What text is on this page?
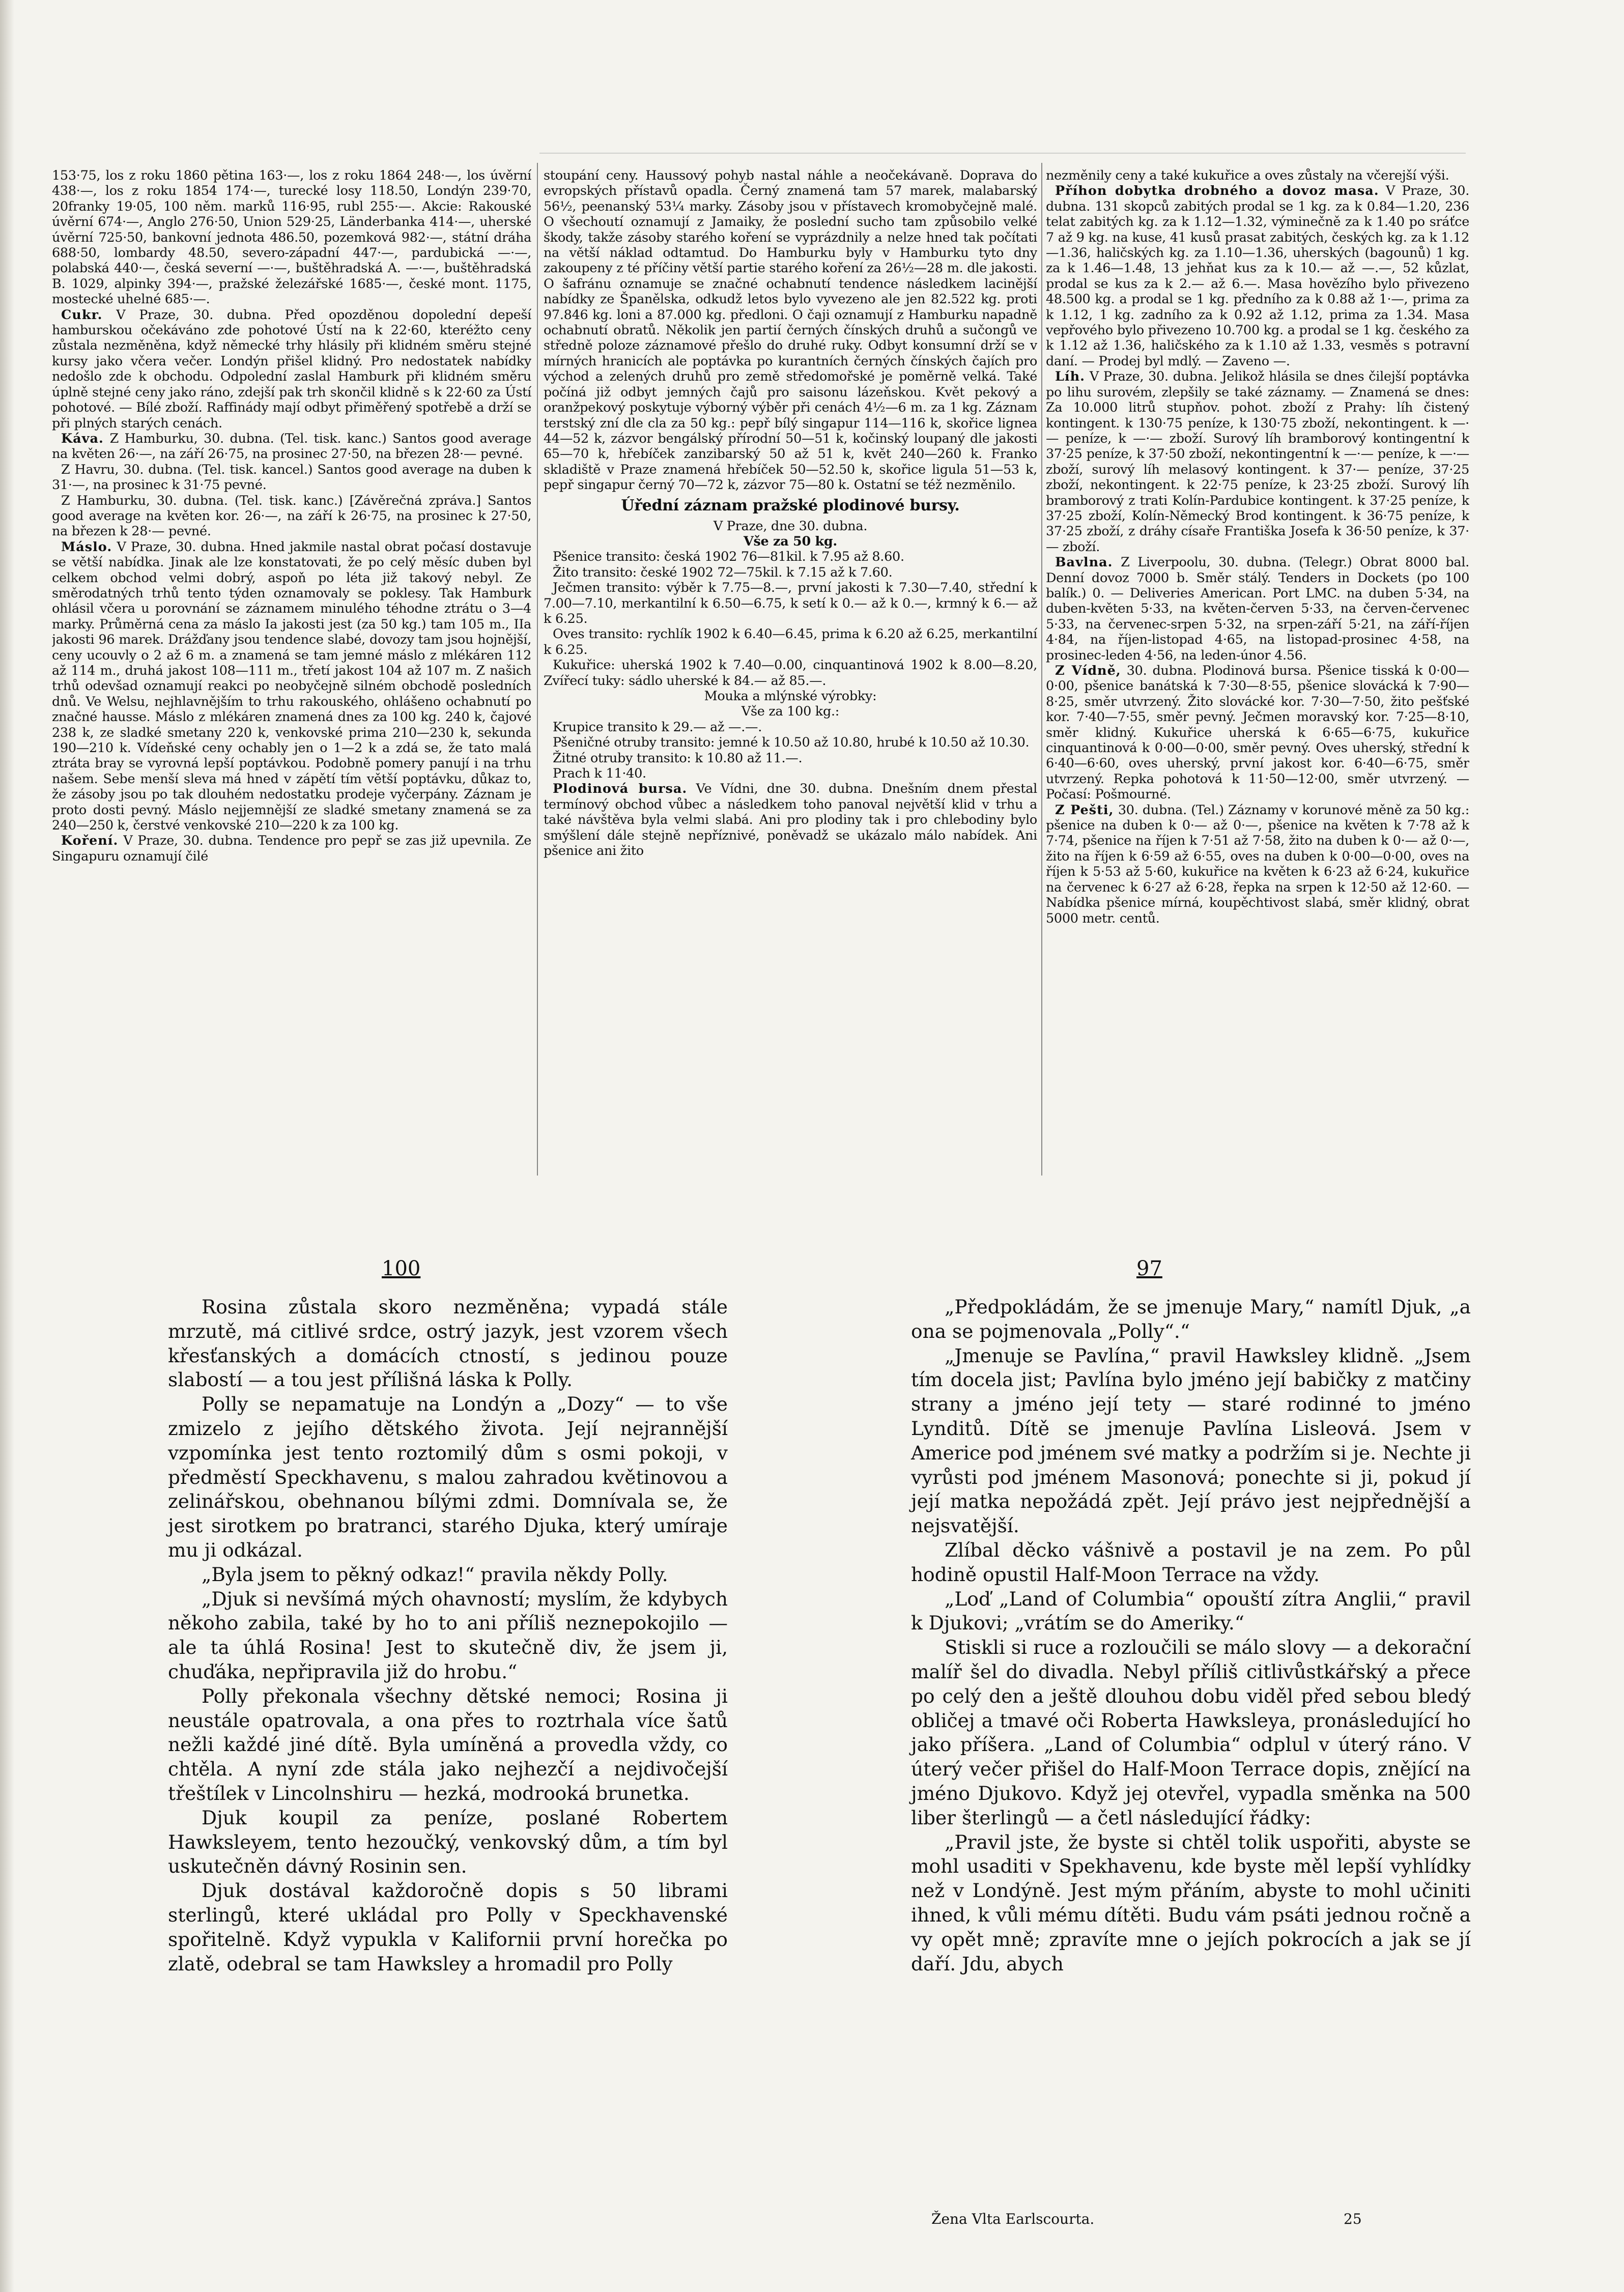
153·75, los z roku 1860 pětina 163·—, los z roku 1864 248·—, los úvěrní 438·—, los z roku 1854 174·—, turecké losy 118.50, Londýn 239·70, 20franky 19·05, 100 něm. marků 116·95, rubl 255·—. Akcie: Rakouské úvěrní 674·—, Anglo 276·50, Union 529·25, Länderbanka 414·—, uherské úvěrní 725·50, bankovní jednota 486.50, pozemková 982·—, státní dráha 688·50, lombardy 48.50, severo-západní 447·—, pardubická —·—, polabská 440·—, česká severní —·—, buštěhradská A. —·—, buštěhradská B. 1029, alpinky 394·—, pražské železářské 1685·—, české mont. 1175, mostecké uhelné 685·—.

Cukr. V Praze, 30. dubna. Před opozděnou dopolední depeší hamburskou očekáváno zde pohotové Ústí na k 22·60, kteréžto ceny zůstala nezměněna, když německé trhy hlásily při klidném směru stejné kursy jako včera večer. Londýn přišel klidný. Pro nedostatek nabídky nedošlo zde k obchodu. Odpolední zaslal Hamburk při klidném směru úplně stejné ceny jako ráno, zdejší pak trh skončil klidně s k 22·60 za Ústí pohotové. — Bílé zboží. Raffinády mají odbyt přiměřený spotřebě a drží se při plných starých cenách.

Káva. Z Hamburku, 30. dubna. (Tel. tisk. kanc.) Santos good average na květen 26·—, na září 26·75, na prosinec 27·50, na březen 28·— pevné.

Z Havru, 30. dubna. (Tel. tisk. kancel.) Santos good average na duben k 31·—, na prosinec k 31·75 pevné.

Z Hamburku, 30. dubna. (Tel. tisk. kanc.) [Závěrečná zpráva.] Santos good average na květen kor. 26·—, na září k 26·75, na prosinec k 27·50, na březen k 28·— pevné.

Máslo. V Praze, 30. dubna. Hned jakmile nastal obrat počasí dostavuje se větší nabídka. Jinak ale lze konstatovati, že po celý měsíc duben byl celkem obchod velmi dobrý, aspoň po léta již takový nebyl. Ze směrodatných trhů tento týden oznamovaly se poklesy. Tak Hamburk ohlásil včera u porovnání se záznamem minulého téhodne ztrátu o 3—4 marky. Průměrná cena za máslo Ia jakosti jest (za 50 kg.) tam 105 m., IIa jakosti 96 marek. Drážďany jsou tendence slabé, dovozy tam jsou hojnější, ceny ucouvly o 2 až 6 m. a znamená se tam jemné máslo z mlékáren 112 až 114 m., druhá jakost 108—111 m., třetí jakost 104 až 107 m. Z našich trhů odevšad oznamují reakci po neobyčejně silném obchodě posledních dnů. Ve Welsu, nejhlavnějším to trhu rakouského, ohlášeno ochabnutí po značné hausse. Máslo z mlékáren znamená dnes za 100 kg. 240 k, čajové 238 k, ze sladké smetany 220 k, venkovské prima 210—230 k, sekunda 190—210 k. Vídeňské ceny ochably jen o 1—2 k a zdá se, že tato malá ztráta bray se vyrovná lepší poptávkou. Podobně pomery panují i na trhu našem. Sebe menší sleva má hned v zápětí tím větší poptávku, důkaz to, že zásoby jsou po tak dlouhém nedostatku prodeje vyčerpány. Záznam je proto dosti pevný. Máslo nejjemnější ze sladké smetany znamená se za 240—250 k, čerstvé venkovské 210—220 k za 100 kg.

Koření. V Praze, 30. dubna. Tendence pro pepř se zas již upevnila. Ze Singapuru oznamují čilé

stoupání ceny. Haussový pohyb nastal náhle a neočekávaně. Doprava do evropských přístavů opadla. Černý znamená tam 57 marek, malabarský 56½, peenanský 53¼ marky. Zásoby jsou v přístavech kromobyčejně malé. O všechoutí oznamují z Jamaiky, že poslední sucho tam způsobilo velké škody, takže zásoby starého koření se vyprázdnily a nelze hned tak počítati na větší náklad odtamtud. Do Hamburku byly v Hamburku tyto dny zakoupeny z té příčiny větší partie starého koření za 26½—28 m. dle jakosti. O šafránu oznamuje se značné ochabnutí tendence následkem lacinější nabídky ze Španělska, odkudž letos bylo vyvezeno ale jen 82.522 kg. proti 97.846 kg. loni a 87.000 kg. předloni. O čaji oznamují z Hamburku napadně ochabnutí obratů. Několik jen partií černých čínských druhů a sučongů ve středně poloze záznamové přešlo do druhé ruky. Odbyt konsumní drží se v mírných hranicích ale poptávka po kurantních černých čínských čajích pro východ a zelených druhů pro země středomořské je poměrně velká. Také počíná již odbyt jemných čajů pro saisonu lázeňskou. Květ pekový a oranžpekový poskytuje výborný výběr při cenách 4½—6 m. za 1 kg. Záznam terstský zní dle cla za 50 kg.: pepř bílý singapur 114—116 k, skořice lignea 44—52 k, zázvor bengálský přírodní 50—51 k, kočinský loupaný dle jakosti 65—70 k, hřebíček zanzibarský 50 až 51 k, květ 240—260 k. Franko skladiště v Praze znamená hřebíček 50—52.50 k, skořice ligula 51—53 k, pepř singapur černý 70—72 k, zázvor 75—80 k. Ostatní se též nezměnilo.

Úřední záznam pražské plodinové bursy.

V Praze, dne 30. dubna.

Vše za 50 kg.

Pšenice transito: česká 1902 76—81kil. k 7.95 až 8.60.

Žito transito: české 1902 72—75kil. k 7.15 až k 7.60.

Ječmen transito: výběr k 7.75—8.—, první jakosti k 7.30—7.40, střední k 7.00—7.10, merkantilní k 6.50—6.75, k setí k 0.— až k 0.—, krmný k 6.— až k 6.25.

Oves transito: rychlík 1902 k 6.40—6.45, prima k 6.20 až 6.25, merkantilní k 6.25.

Kukuřice: uherská 1902 k 7.40—0.00, cinquantinová 1902 k 8.00—8.20, Zvířecí tuky: sádlo uherské k 84.— až 85.—.

Mouka a mlýnské výrobky:

Vše za 100 kg.:

Krupice transito k 29.— až —.—.

Pšeničné otruby transito: jemné k 10.50 až 10.80, hrubé k 10.50 až 10.30.

Žitné otruby transito: k 10.80 až 11.—.

Prach k 11·40.

Plodinová bursa. Ve Vídni, dne 30. dubna. Dnešním dnem přestal termínový obchod vůbec a následkem toho panoval největší klid v trhu a také návštěva byla velmi slabá. Ani pro plodiny tak i pro chlebodiny bylo smýšlení dále stejně nepříznivé, poněvadž se ukázalo málo nabídek. Ani pšenice ani žito

nezměnily ceny a také kukuřice a oves zůstaly na včerejší výši.

Příhon dobytka drobného a dovoz masa. V Praze, 30. dubna. 131 skopců zabitých prodal se 1 kg. za k 0.84—1.20, 236 telat zabitých kg. za k 1.12—1.32, výminečně za k 1.40 po sráťce 7 až 9 kg. na kuse, 41 kusů prasat zabitých, českých kg. za k 1.12—1.36, haličských kg. za 1.10—1.36, uherských (bagounů) 1 kg. za k 1.46—1.48, 13 jehňat kus za k 10.— až —.—, 52 kůzlat, prodal se kus za k 2.— až 6.—. Masa hovězího bylo přivezeno 48.500 kg. a prodal se 1 kg. předního za k 0.88 až 1·—, prima za k 1.12, 1 kg. zadního za k 0.92 až 1.12, prima za 1.34. Masa vepřového bylo přivezeno 10.700 kg. a prodal se 1 kg. českého za k 1.12 až 1.36, haličského za k 1.10 až 1.33, vesměs s potravní daní. — Prodej byl mdlý. — Zaveno —.

Líh. V Praze, 30. dubna. Jelikož hlásila se dnes čilejší poptávka po lihu surovém, zlepšily se také záznamy. — Znamená se dnes: Za 10.000 litrů stupňov. pohot. zboží z Prahy: líh čistený kontingent. k 130·75 peníze, k 130·75 zboží, nekontingent. k —·— peníze, k —·— zboží. Surový líh bramborový kontingentní k 37·25 peníze, k 37·50 zboží, nekontingentní k —·— peníze, k —·— zboží, surový líh melasový kontingent. k 37·— peníze, 37·25 zboží, nekontingent. k 22·75 peníze, k 23·25 zboží. Surový líh bramborový z trati Kolín-Pardubice kontingent. k 37·25 peníze, k 37·25 zboží, Kolín-Německý Brod kontingent. k 36·75 peníze, k 37·25 zboží, z dráhy císaře Františka Josefa k 36·50 peníze, k 37·— zboží.

Bavlna. Z Liverpoolu, 30. dubna. (Telegr.) Obrat 8000 bal. Denní dovoz 7000 b. Směr stálý. Tenders in Dockets (po 100 balík.) 0. — Deliveries American. Port LMC. na duben 5·34, na duben-květen 5·33, na květen-červen 5·33, na červen-červenec 5·33, na červenec-srpen 5·32, na srpen-září 5·21, na září-říjen 4·84, na říjen-listopad 4·65, na listopad-prosinec 4·58, na prosinec-leden 4·56, na leden-únor 4.56.

Z Vídně, 30. dubna. Plodinová bursa. Pšenice tisská k 0·00—0·00, pšenice banátská k 7·30—8·55, pšenice slovácká k 7·90—8·25, směr utvrzený. Žito slovácké kor. 7·30—7·50, žito pešťské kor. 7·40—7·55, směr pevný. Ječmen moravský kor. 7·25—8·10, směr klidný. Kukuřice uherská k 6·65—6·75, kukuřice cinquantinová k 0·00—0·00, směr pevný. Oves uherský, střední k 6·40—6·60, oves uherský, první jakost kor. 6·40—6·75, směr utvrzený. Repka pohotová k 11·50—12·00, směr utvrzený. — Počasí: Pošmourné.

Z Pešti, 30. dubna. (Tel.) Záznamy v korunové měně za 50 kg.: pšenice na duben k 0·— až 0·—, pšenice na květen k 7·78 až k 7·74, pšenice na říjen k 7·51 až 7·58, žito na duben k 0·— až 0·—, žito na říjen k 6·59 až 6·55, oves na duben k 0·00—0·00, oves na říjen k 5·53 až 5·60, kukuřice na květen k 6·23 až 6·24, kukuřice na červenec k 6·27 až 6·28, řepka na srpen k 12·50 až 12·60. — Nabídka pšenice mírná, koupěchtivost slabá, směr klidný, obrat 5000 metr. centů.

100	97

Rosina zůstala skoro nezměněna; vypadá stále mrzutě, má citlivé srdce, ostrý jazyk, jest vzorem všech křesťanských a domácích ctností, s jedinou pouze slabostí — a tou jest přílišná láska k Polly.

Polly se nepamatuje na Londýn a „Dozy“ — to vše zmizelo z jejího dětského života. Její nejrannější vzpomínka jest tento roztomilý dům s osmi pokoji, v předměstí Speckhavenu, s malou zahradou květinovou a zelinářskou, obehnanou bílými zdmi. Domnívala se, že jest sirotkem po bratranci, starého Djuka, který umíraje mu ji odkázal.

„Byla jsem to pěkný odkaz!“ pravila někdy Polly.

„Djuk si nevšímá mých ohavností; myslím, že kdybych někoho zabila, také by ho to ani příliš neznepokojilo — ale ta úhlá Rosina! Jest to skutečně div, že jsem ji, chuďáka, nepřipravila již do hrobu.“

Polly překonala všechny dětské nemoci; Rosina ji neustále opatrovala, a ona přes to roztrhala více šatů nežli každé jiné dítě. Byla umíněná a provedla vždy, co chtěla. A nyní zde stála jako nejhezčí a nejdivočejší třeštílek v Lincolnshiru — hezká, modrooká brunetka.

Djuk koupil za peníze, poslané Robertem Hawksleyem, tento hezoučký, venkovský dům, a tím byl uskutečněn dávný Rosinin sen.

Djuk dostával každoročně dopis s 50 librami sterlingů, které ukládal pro Polly v Speckhavenské spořitelně. Když vypukla v Kalifornii první horečka po zlatě, odebral se tam Hawksley a hromadil pro Polly

„Předpokládám, že se jmenuje Mary,“ namítl Djuk, „a ona se pojmenovala „Polly“.“

„Jmenuje se Pavlína,“ pravil Hawksley klidně. „Jsem tím docela jist; Pavlína bylo jméno její babičky z matčiny strany a jméno její tety — staré rodinné to jméno Lynditů. Dítě se jmenuje Pavlína Lisleová. Jsem v Americe pod jménem své matky a podržím si je. Nechte ji vyrůsti pod jménem Masonová; ponechte si ji, pokud jí její matka nepožádá zpět. Její právo jest nejpřednější a nejsvatější.

Zlíbal děcko vášnivě a postavil je na zem. Po půl hodině opustil Half-Moon Terrace na vždy.

„Loď „Land of Columbia“ opouští zítra Anglii,“ pravil k Djukovi; „vrátím se do Ameriky.“

Stiskli si ruce a rozloučili se málo slovy — a dekorační malíř šel do divadla. Nebyl příliš citlivůstkářský a přece po celý den a ještě dlouhou dobu viděl před sebou bledý obličej a tmavé oči Roberta Hawksleya, pronásledující ho jako příšera. „Land of Columbia“ odplul v úterý ráno. V úterý večer přišel do Half-Moon Terrace dopis, znějící na jméno Djukovo. Když jej otevřel, vypadla směnka na 500 liber šterlingů — a četl následující řádky:

„Pravil jste, že byste si chtěl tolik uspořiti, abyste se mohl usaditi v Spekhavenu, kde byste měl lepší vyhlídky než v Londýně. Jest mým přáním, abyste to mohl učiniti ihned, k vůli mému dítěti. Budu vám psáti jednou ročně a vy opět mně; zpravíte mne o jejích pokrocích a jak se jí daří. Jdu, abych

Žena Vlta Earlscourta.	25
